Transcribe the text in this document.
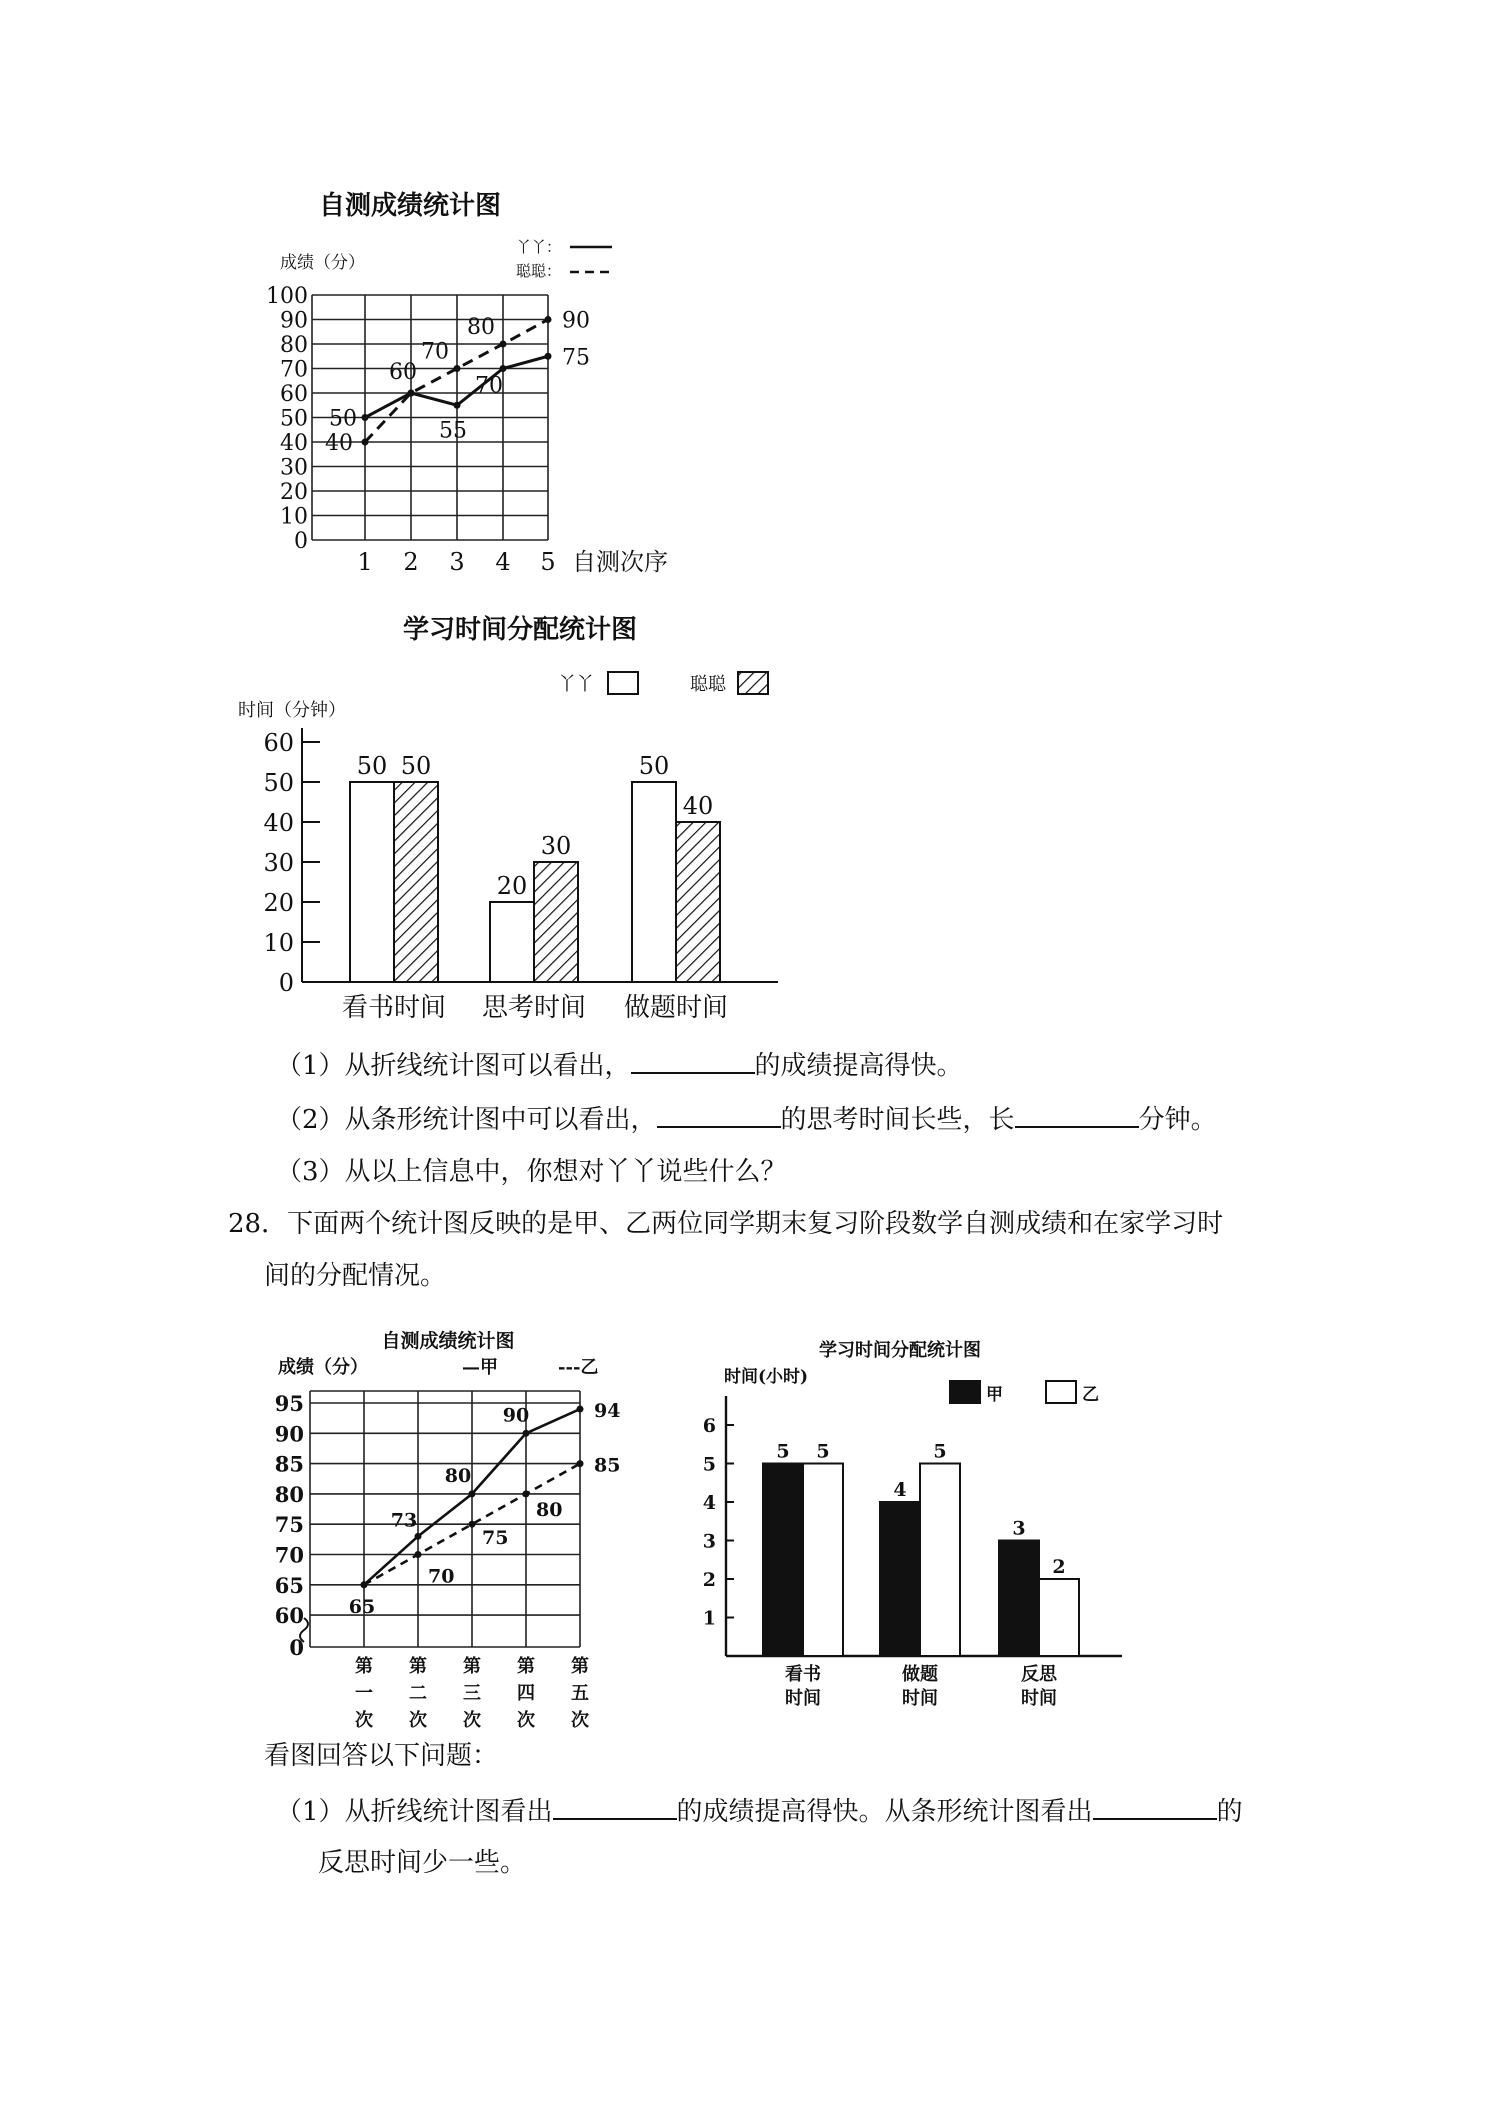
自测成绩统计图
成绩（分）
自测次序
丫丫：
聪聪：
0
10
20
30
40
50
60
70
80
90
100
1 2 3 4 5
50
60
55
70
75
40
70
80	90
学习时间分配统计图
时间（分钟）
丫丫	聪聪
0
10
20
30
40
50
60
看书时间 思考时间 做题时间
50 50
20
30
50
40
（1）从折线统计图可以看出，	的成绩提高得快。
（2）从条形统计图中可以看出，	的思考时间长些，长	分钟。
（3）从以上信息中，你想对丫丫说些什么？
28．下面两个统计图反映的是甲、乙两位同学期末复习阶段数学自测成绩和在家学习时
间的分配情况。
自测成绩统计图
成绩（分）	—甲	---乙
0
60
65
70
75
80
85
90
95
第
一
次
第
二
次
第
三
次
第
四
次
第
五
次
73
80
90	94
65
70
75
80
85
学习时间分配统计图
时间(小时)
甲	乙
1
2
3
4
5
6
看书
时间
做题
时间
反思
时间
5 5
4
5
3
2
看图回答以下问题：
（1）从折线统计图看出	的成绩提高得快。从条形统计图看出	的
反思时间少一些。
